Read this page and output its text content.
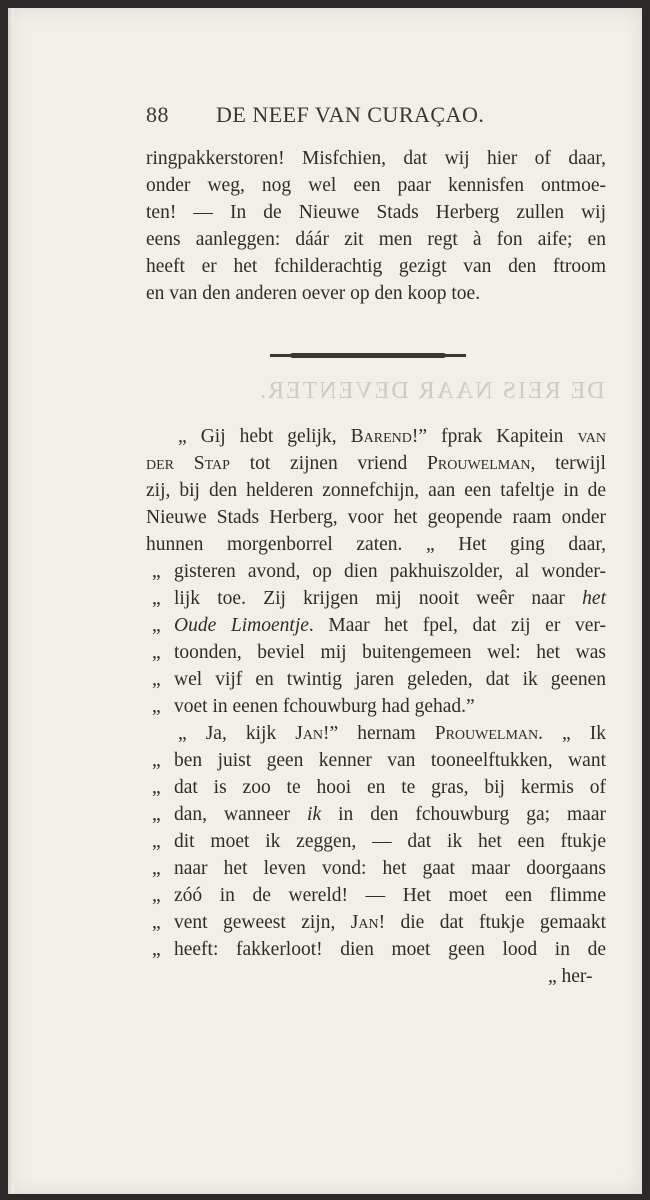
DE REIS NAAR DEVENTER.
88 DE NEEF VAN CURAÇAO.
ringpakkerstoren! Misfchien, dat wij hier of daar,
onder weg, nog wel een paar kennisfen ontmoe-
ten! — In de Nieuwe Stads Herberg zullen wij
eens aanleggen: dáár zit men regt à fon aife; en
heeft er het fchilderachtig gezigt van den ftroom
en van den anderen oever op den koop toe.
„ Gij hebt gelijk, Barend!” fprak Kapitein van
der Stap tot zijnen vriend Prouwelman, terwijl
zij, bij den helderen zonnefchijn, aan een tafeltje in de
Nieuwe Stads Herberg, voor het geopende raam onder
hunnen morgenborrel zaten. „ Het ging daar,
„ gisteren avond, op dien pakhuiszolder, al wonder-
„ lijk toe. Zij krijgen mij nooit weêr naar het
„ Oude Limoentje. Maar het fpel, dat zij er ver-
„ toonden, beviel mij buitengemeen wel: het was
„ wel vijf en twintig jaren geleden, dat ik geenen
„ voet in eenen fchouwburg had gehad.”
„ Ja, kijk Jan!” hernam Prouwelman. „ Ik
„ ben juist geen kenner van tooneelftukken, want
„ dat is zoo te hooi en te gras, bij kermis of
„ dan, wanneer ik in den fchouwburg ga; maar
„ dit moet ik zeggen, — dat ik het een ftukje
„ naar het leven vond: het gaat maar doorgaans
„ zóó in de wereld! — Het moet een flimme
„ vent geweest zijn, Jan! die dat ftukje gemaakt
„ heeft: fakkerloot! dien moet geen lood in de
„ her-
